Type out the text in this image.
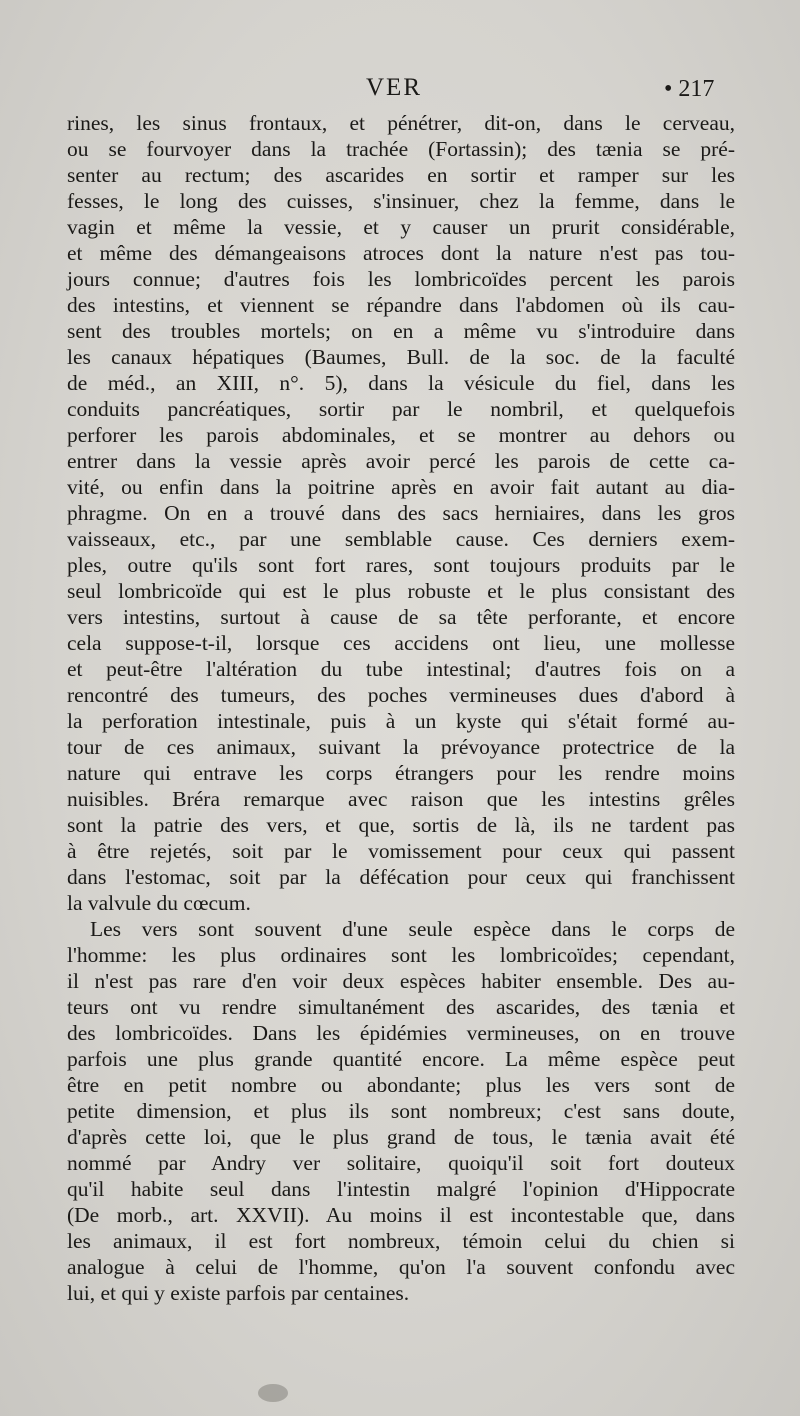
VER	• 217
rines, les sinus frontaux, et pénétrer, dit-on, dans le cerveau,
ou se fourvoyer dans la trachée (Fortassin); des tænia se pré-
senter au rectum; des ascarides en sortir et ramper sur les
fesses, le long des cuisses, s'insinuer, chez la femme, dans le
vagin et même la vessie, et y causer un prurit considérable,
et même des démangeaisons atroces dont la nature n'est pas tou-
jours connue; d'autres fois les lombricoïdes percent les parois
des intestins, et viennent se répandre dans l'abdomen où ils cau-
sent des troubles mortels; on en a même vu s'introduire dans
les canaux hépatiques (Baumes, Bull. de la soc. de la faculté
de méd., an XIII, n°. 5), dans la vésicule du fiel, dans les
conduits pancréatiques, sortir par le nombril, et quelquefois
perforer les parois abdominales, et se montrer au dehors ou
entrer dans la vessie après avoir percé les parois de cette ca-
vité, ou enfin dans la poitrine après en avoir fait autant au dia-
phragme. On en a trouvé dans des sacs herniaires, dans les gros
vaisseaux, etc., par une semblable cause. Ces derniers exem-
ples, outre qu'ils sont fort rares, sont toujours produits par le
seul lombricoïde qui est le plus robuste et le plus consistant des
vers intestins, surtout à cause de sa tête perforante, et encore
cela suppose-t-il, lorsque ces accidens ont lieu, une mollesse
et peut-être l'altération du tube intestinal; d'autres fois on a
rencontré des tumeurs, des poches vermineuses dues d'abord à
la perforation intestinale, puis à un kyste qui s'était formé au-
tour de ces animaux, suivant la prévoyance protectrice de la
nature qui entrave les corps étrangers pour les rendre moins
nuisibles. Bréra remarque avec raison que les intestins grêles
sont la patrie des vers, et que, sortis de là, ils ne tardent pas
à être rejetés, soit par le vomissement pour ceux qui passent
dans l'estomac, soit par la défécation pour ceux qui franchissent
la valvule du cœcum.
Les vers sont souvent d'une seule espèce dans le corps de
l'homme: les plus ordinaires sont les lombricoïdes; cependant,
il n'est pas rare d'en voir deux espèces habiter ensemble. Des au-
teurs ont vu rendre simultanément des ascarides, des tænia et
des lombricoïdes. Dans les épidémies vermineuses, on en trouve
parfois une plus grande quantité encore. La même espèce peut
être en petit nombre ou abondante; plus les vers sont de
petite dimension, et plus ils sont nombreux; c'est sans doute,
d'après cette loi, que le plus grand de tous, le tænia avait été
nommé par Andry ver solitaire, quoiqu'il soit fort douteux
qu'il habite seul dans l'intestin malgré l'opinion d'Hippocrate
(De morb., art. XXVII). Au moins il est incontestable que, dans
les animaux, il est fort nombreux, témoin celui du chien si
analogue à celui de l'homme, qu'on l'a souvent confondu avec
lui, et qui y existe parfois par centaines.
